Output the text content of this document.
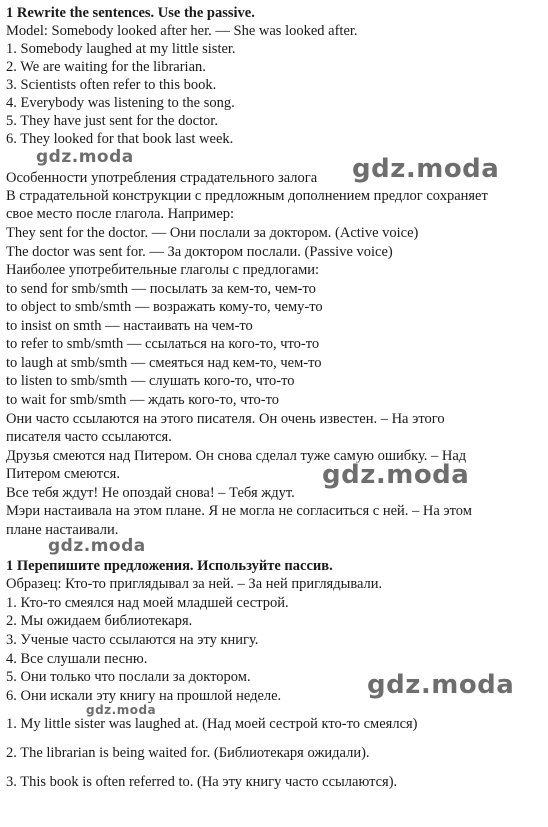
1 Rewrite the sentences. Use the passive.
Model: Somebody looked after her. — She was looked after.
1. Somebody laughed at my little sister.
2. We are waiting for the librarian.
3. Scientists often refer to this book.
4. Everybody was listening to the song.
5. They have just sent for the doctor.
6. They looked for that book last week.
Особенности употребления страдательного залога
В страдательной конструкции с предложным дополнением предлог сохраняет
свое место после глагола. Например:
They sent for the doctor. — Они послали за доктором. (Active voice)
The doctor was sent for. — За доктором послали. (Passive voice)
Наиболее употребительные глаголы с предлогами:
to send for smb/smth — посылать за кем-то, чем-то
to object to smb/smth — возражать кому-то, чему-то
to insist on smth — настаивать на чем-то
to refer to smb/smth — ссылаться на кого-то, что-то
to laugh at smb/smth — смеяться над кем-то, чем-то
to listen to smb/smth — слушать кого-то, что-то
to wait for smb/smth — ждать кого-то, что-то
Они часто ссылаются на этого писателя. Он очень известен. – На этого
писателя часто ссылаются.
Друзья смеются над Питером. Он снова сделал туже самую ошибку. – Над
Питером смеются.
Все тебя ждут! Не опоздай снова! – Тебя ждут.
Мэри настаивала на этом плане. Я не могла не согласиться с ней. – На этом
плане настаивали.
1 Перепишите предложения. Используйте пассив.
Образец: Кто-то приглядывал за ней. – За ней приглядывали.
1. Кто-то смеялся над моей младшей сестрой.
2. Мы ожидаем библиотекаря.
3. Ученые часто ссылаются на эту книгу.
4. Все слушали песню.
5. Они только что послали за доктором.
6. Они искали эту книгу на прошлой неделе.
1. My little sister was laughed at. (Над моей сестрой кто-то смеялся)
2. The librarian is being waited for. (Библиотекаря ожидали).
3. This book is often referred to. (На эту книгу часто ссылаются).
gdz.moda	gdz.moda
gdz.moda
gdz.moda
gdz.moda
gdz.moda
